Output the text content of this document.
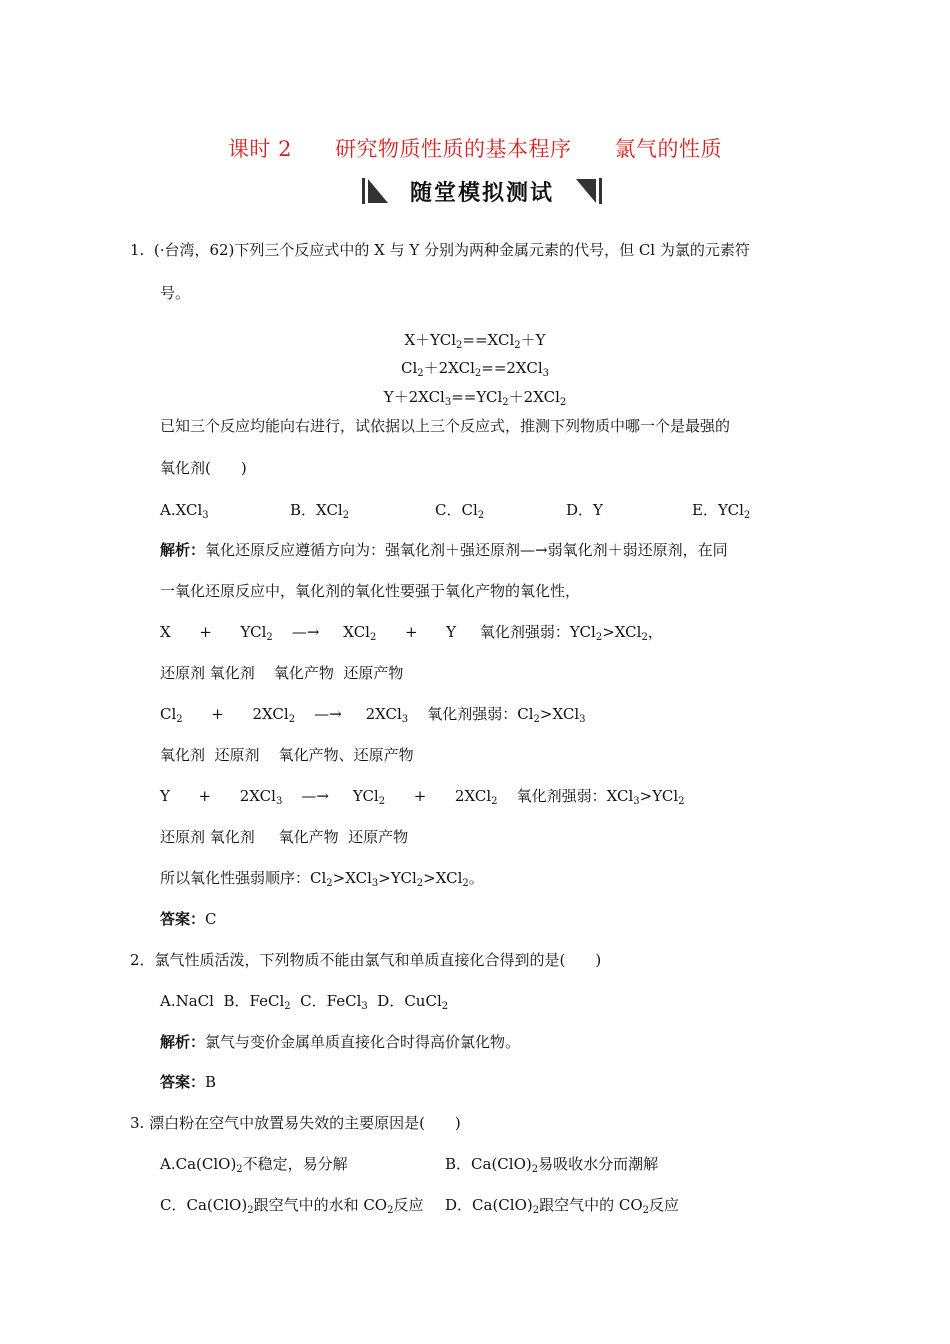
课时 2      研究物质性质的基本程序      氯气的性质
随堂模拟测试
1.  (·台湾，62)下列三个反应式中的 X 与 Y 分别为两种金属元素的代号，但 Cl 为氯的元素符
号。
X＋YCl$_2$==XCl$_2$＋Y
$Cl_2+2XCl_2==2XCl_3$
Y＋2XCl$_3$==YCl$_2$＋2XCl$_2$
已知三个反应均能向右进行，试依据以上三个反应式，推测下列物质中哪一个是最强的
氧化剂(　　)
A.XCl$_3$	B．XCl$_2$	C．$Cl_2$	D．Y	E．YCl$_2$
解析：氧化还原反应遵循方向为：强氧化剂＋强还原剂—→弱氧化剂＋弱还原剂，在同
一氧化还原反应中，氧化剂的氧化性要强于氧化产物的氧化性，
X + YCl$_2$ —→ XCl$_2$ + Y 氧化剂强弱：YCl$_2$>XCl$_2$，
还原剂 氧化剂    氧化产物  还原产物
$Cl_2 + 2XCl_2$ —→ 2XCl$_3$ 氧化剂强弱：$Cl_2>XCl_3$
氧化剂  还原剂    氧化产物、还原产物
Y + 2XCl$_3$ —→ YCl$_2$ + 2XCl$_2$ 氧化剂强弱：XCl$_3$>YCl$_2$
还原剂 氧化剂     氧化产物  还原产物
所以氧化性强弱顺序：$Cl_2>XCl_3>YCl_2>XCl_2$。
答案：C
2．氯气性质活泼，下列物质不能由氯气和单质直接化合得到的是(　　)
A.NaCl  B．FeCl$_2$  C．FeCl$_3$  D．CuCl$_2$
解析：氯气与变价金属单质直接化合时得高价氯化物。
答案：B
3. 漂白粉在空气中放置易失效的主要原因是(　　)
$A.Ca(ClO)_2$不稳定，易分解	B．$Ca(ClO)_2$易吸收水分而潮解
C．$Ca(ClO)_2$跟空气中的水和 $CO_2$反应 D．$Ca(ClO)_2$跟空气中的 $CO_2$反应
